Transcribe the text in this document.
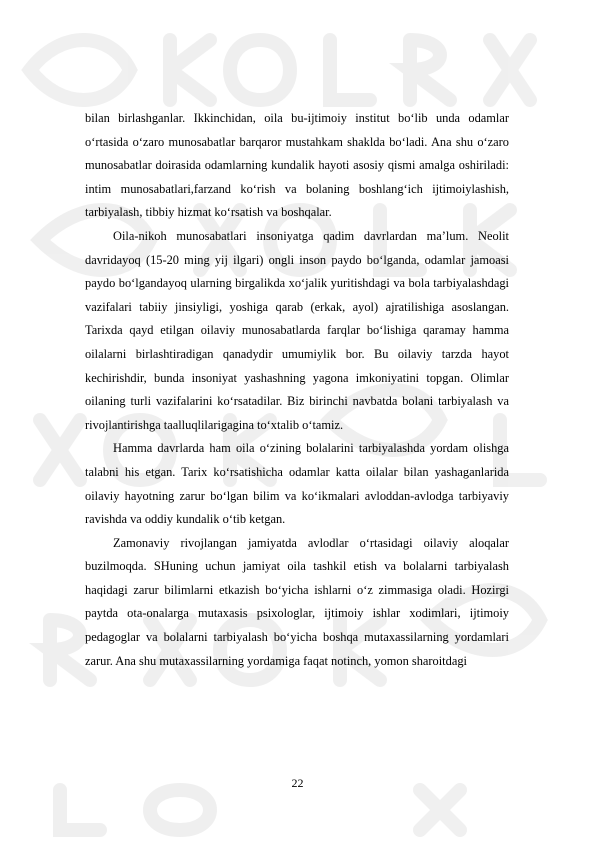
bilan birlashganlar. Ikkinchidan, oila bu-ijtimoiy institut bo‘lib unda odamlar o‘rtasida o‘zaro munosabatlar barqaror mustahkam shaklda bo‘ladi. Ana shu o‘zaro munosabatlar doirasida odamlarning kundalik hayoti asosiy qismi amalga oshiriladi: intim munosabatlari,farzand ko‘rish va bolaning boshlang‘ich ijtimoiylashish, tarbiyalash, tibbiy hizmat ko‘rsatish va boshqalar.

Oila-nikoh munosabatlari insoniyatga qadim davrlardan ma’lum. Neolit davridayoq (15-20 ming yij ilgari) ongli inson paydo bo‘lganda, odamlar jamoasi paydo bo‘lgandayoq ularning birgalikda xo‘jalik yuritishdagi va bola tarbiyalashdagi vazifalari tabiiy jinsiyligi, yoshiga qarab (erkak, ayol) ajratilishiga asoslangan. Tarixda qayd etilgan oilaviy munosabatlarda farqlar bo‘lishiga qaramay hamma oilalarni birlashtiradigan qanadydir umumiylik bor. Bu oilaviy tarzda hayot kechirishdir, bunda insoniyat yashashning yagona imkoniyatini topgan. Olimlar oilaning turli vazifalarini ko‘rsatadilar. Biz birinchi navbatda bolani tarbiyalash va rivojlantirishga taalluqlilarigagina to‘xtalib o‘tamiz.

Hamma davrlarda ham oila o‘zining bolalarini tarbiyalashda yordam olishga talabni his etgan. Tarix ko‘rsatishicha odamlar katta oilalar bilan yashaganlarida oilaviy hayotning zarur bo‘lgan bilim va ko‘ikmalari avloddan-avlodga tarbiyaviy ravishda va oddiy kundalik o‘tib ketgan.

Zamonaviy rivojlangan jamiyatda avlodlar o‘rtasidagi oilaviy aloqalar buzilmoqda. SHuning uchun jamiyat oila tashkil etish va bolalarni tarbiyalash haqidagi zarur bilimlarni etkazish bo‘yicha ishlarni o‘z zimmasiga oladi. Hozirgi paytda ota-onalarga mutaxasis psixologlar, ijtimoiy ishlar xodimlari, ijtimoiy pedagoglar va bolalarni tarbiyalash bo‘yicha boshqa mutaxassilarning yordamlari zarur. Ana shu mutaxassilarning yordamiga faqat notinch, yomon sharoitdagi

22
